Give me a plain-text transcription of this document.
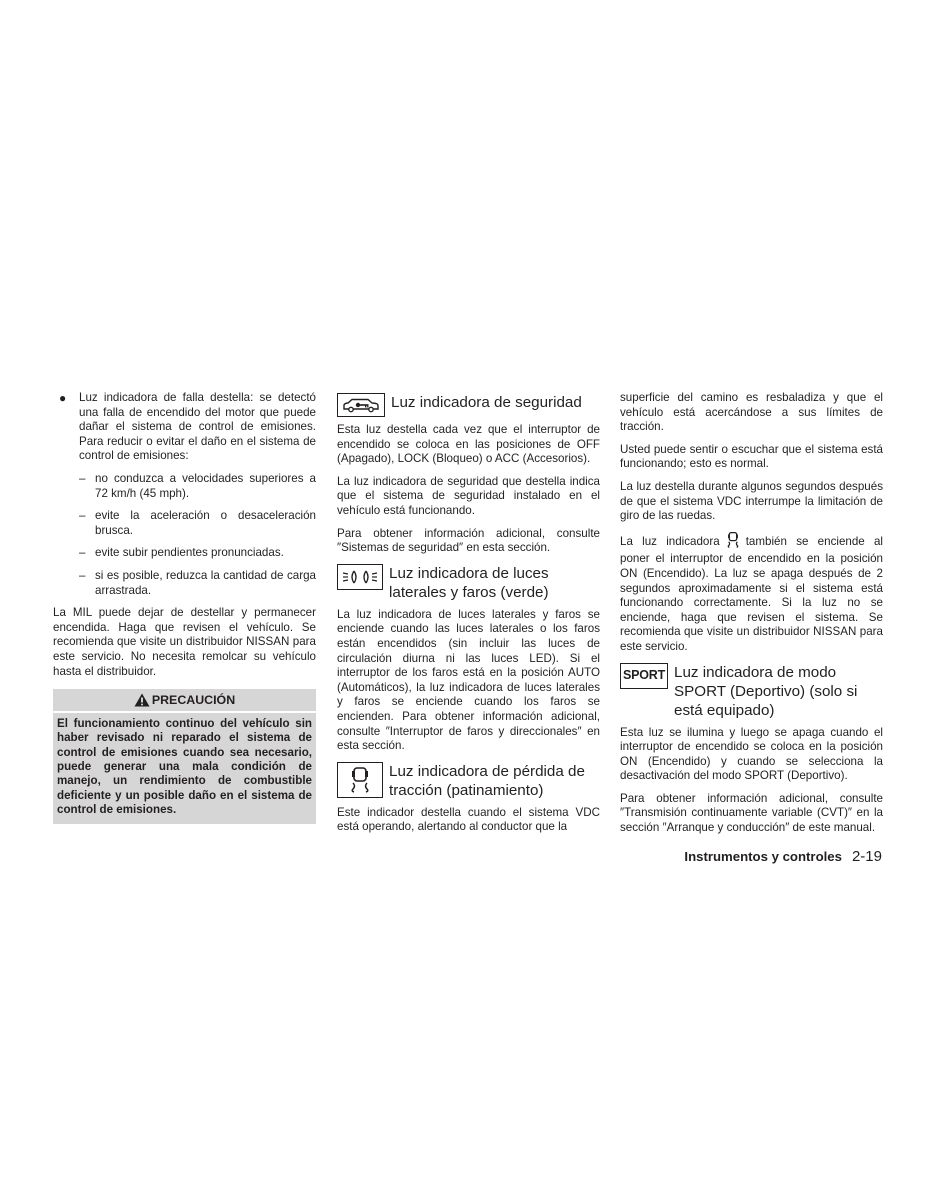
● Luz indicadora de falla destella: se detectó una falla de encendido del motor que puede dañar el sistema de control de emisiones. Para reducir o evitar el daño en el sistema de control de emisiones:
– no conduzca a velocidades superiores a 72 km/h (45 mph).
– evite la aceleración o desaceleración brusca.
– evite subir pendientes pronunciadas.
– si es posible, reduzca la cantidad de carga arrastrada.

La MIL puede dejar de destellar y permanecer encendida. Haga que revisen el vehículo. Se recomienda que visite un distribuidor NISSAN para este servicio. No necesita remolcar su vehículo hasta el distribuidor.

PRECAUCIÓN
El funcionamiento continuo del vehículo sin haber revisado ni reparado el sistema de control de emisiones cuando sea necesario, puede generar una mala condición de manejo, un rendimiento de combustible deficiente y un posible daño en el sistema de control de emisiones.
Luz indicadora de seguridad

Esta luz destella cada vez que el interruptor de encendido se coloca en las posiciones de OFF (Apagado), LOCK (Bloqueo) o ACC (Accesorios).

La luz indicadora de seguridad que destella indica que el sistema de seguridad instalado en el vehículo está funcionando.

Para obtener información adicional, consulte ″Sistemas de seguridad″ en esta sección.

Luz indicadora de luces laterales y faros (verde)

La luz indicadora de luces laterales y faros se enciende cuando las luces laterales o los faros están encendidos (sin incluir las luces de circulación diurna ni las luces LED). Si el interruptor de los faros está en la posición AUTO (Automáticos), la luz indicadora de luces laterales y faros se enciende cuando los faros se encienden. Para obtener información adicional, consulte ″Interruptor de faros y direccionales″ en esta sección.

Luz indicadora de pérdida de tracción (patinamiento)

Este indicador destella cuando el sistema VDC está operando, alertando al conductor que la

superficie del camino es resbaladiza y que el vehículo está acercándose a sus límites de tracción.

Usted puede sentir o escuchar que el sistema está funcionando; esto es normal.

La luz destella durante algunos segundos después de que el sistema VDC interrumpe la limitación de giro de las ruedas.

La luz indicadora también se enciende al poner el interruptor de encendido en la posición ON (Encendido). La luz se apaga después de 2 segundos aproximadamente si el sistema está funcionando correctamente. Si la luz no se enciende, haga que revisen el sistema. Se recomienda que visite un distribuidor NISSAN para este servicio.

SPORT Luz indicadora de modo SPORT (Deportivo) (solo si está equipado)

Esta luz se ilumina y luego se apaga cuando el interruptor de encendido se coloca en la posición ON (Encendido) y cuando se selecciona la desactivación del modo SPORT (Deportivo).

Para obtener información adicional, consulte ″Transmisión continuamente variable (CVT)″ en la sección ″Arranque y conducción″ de este manual.

Instrumentos y controles 2-19
